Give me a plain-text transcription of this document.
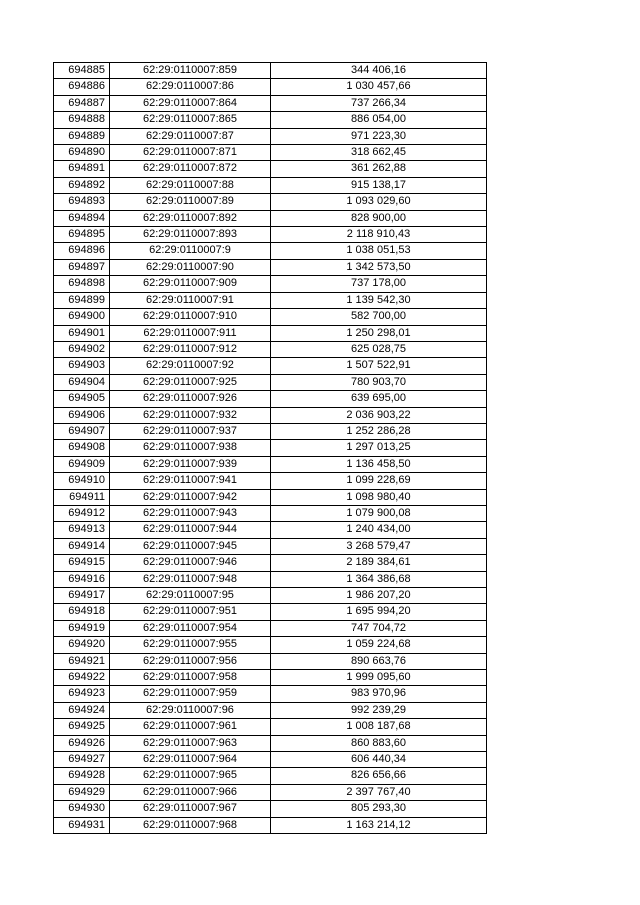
694885	62:29:0110007:859	344 406,16
694886	62:29:0110007:86	1 030 457,66
694887	62:29:0110007:864	737 266,34
694888	62:29:0110007:865	886 054,00
694889	62:29:0110007:87	971 223,30
694890	62:29:0110007:871	318 662,45
694891	62:29:0110007:872	361 262,88
694892	62:29:0110007:88	915 138,17
694893	62:29:0110007:89	1 093 029,60
694894	62:29:0110007:892	828 900,00
694895	62:29:0110007:893	2 118 910,43
694896	62:29:0110007:9	1 038 051,53
694897	62:29:0110007:90	1 342 573,50
694898	62:29:0110007:909	737 178,00
694899	62:29:0110007:91	1 139 542,30
694900	62:29:0110007:910	582 700,00
694901	62:29:0110007:911	1 250 298,01
694902	62:29:0110007:912	625 028,75
694903	62:29:0110007:92	1 507 522,91
694904	62:29:0110007:925	780 903,70
694905	62:29:0110007:926	639 695,00
694906	62:29:0110007:932	2 036 903,22
694907	62:29:0110007:937	1 252 286,28
694908	62:29:0110007:938	1 297 013,25
694909	62:29:0110007:939	1 136 458,50
694910	62:29:0110007:941	1 099 228,69
694911	62:29:0110007:942	1 098 980,40
694912	62:29:0110007:943	1 079 900,08
694913	62:29:0110007:944	1 240 434,00
694914	62:29:0110007:945	3 268 579,47
694915	62:29:0110007:946	2 189 384,61
694916	62:29:0110007:948	1 364 386,68
694917	62:29:0110007:95	1 986 207,20
694918	62:29:0110007:951	1 695 994,20
694919	62:29:0110007:954	747 704,72
694920	62:29:0110007:955	1 059 224,68
694921	62:29:0110007:956	890 663,76
694922	62:29:0110007:958	1 999 095,60
694923	62:29:0110007:959	983 970,96
694924	62:29:0110007:96	992 239,29
694925	62:29:0110007:961	1 008 187,68
694926	62:29:0110007:963	860 883,60
694927	62:29:0110007:964	606 440,34
694928	62:29:0110007:965	826 656,66
694929	62:29:0110007:966	2 397 767,40
694930	62:29:0110007:967	805 293,30
694931	62:29:0110007:968	1 163 214,12
